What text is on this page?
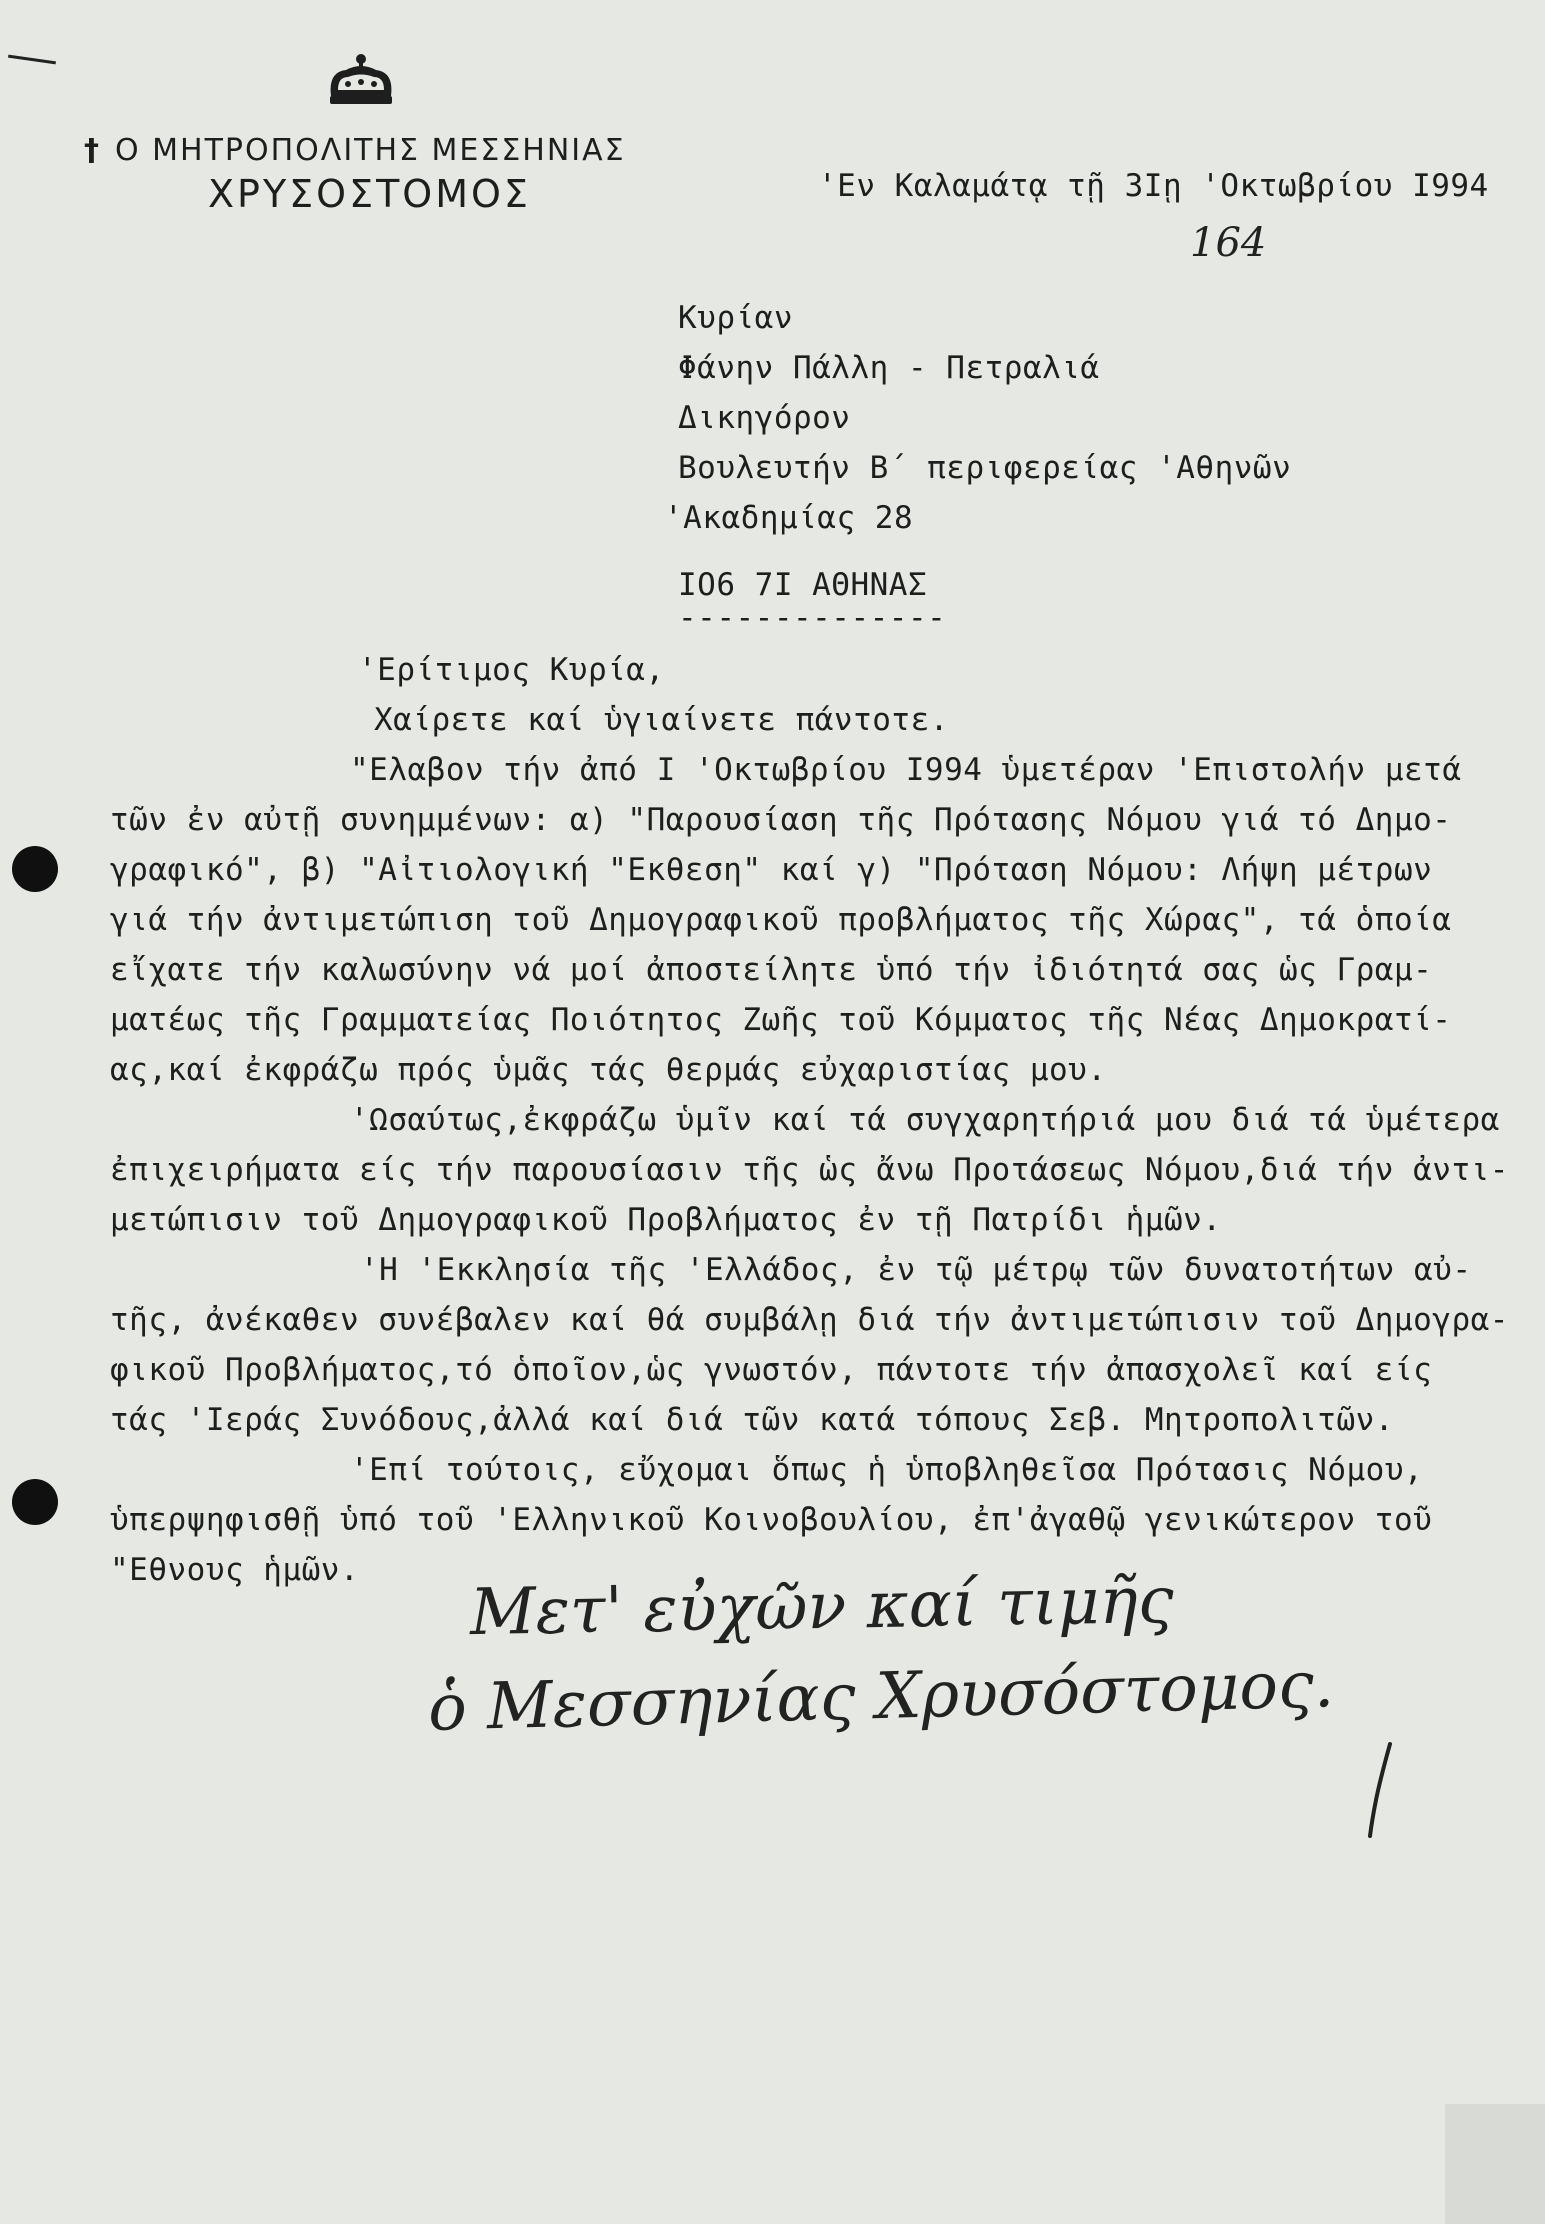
† Ο ΜΗΤΡΟΠΟΛΙΤΗΣ ΜΕΣΣΗΝΙΑΣ
ΧΡΥΣΟΣΤΟΜΟΣ	'Εν Καλαμάτᾳ τῇ 3Ιῃ 'Οκτωβρίου Ι994
164
Κυρίαν
Φάνην Πάλλη - Πετραλιά
Δικηγόρον
Βουλευτήν Β΄ περιφερείας 'Αθηνῶν
'Ακαδημίας 28
ΙΟ6 7Ι ΑΘΗΝΑΣ
--------------
'Ερίτιμος Κυρία,
Χαίρετε καί ὑγιαίνετε πάντοτε.
"Ελαβον τήν ἀπό Ι 'Οκτωβρίου Ι994 ὑμετέραν 'Επιστολήν μετά
τῶν ἐν αὐτῇ συνημμένων: α) "Παρουσίαση τῆς Πρότασης Νόμου γιά τό Δημο-
γραφικό", β) "Αἰτιολογική "Εκθεση" καί γ) "Πρόταση Νόμου: Λήψη μέτρων
γιά τήν ἀντιμετώπιση τοῦ Δημογραφικοῦ προβλήματος τῆς Χώρας", τά ὁποία
εἴχατε τήν καλωσύνην νά μοί ἀποστείλητε ὑπό τήν ἰδιότητά σας ὡς Γραμ-
ματέως τῆς Γραμματείας Ποιότητος Ζωῆς τοῦ Κόμματος τῆς Νέας Δημοκρατί-
ας,καί ἐκφράζω πρός ὑμᾶς τάς θερμάς εὐχαριστίας μου.
'Ωσαύτως,ἐκφράζω ὑμῖν καί τά συγχαρητήριά μου διά τά ὑμέτερα
ἐπιχειρήματα είς τήν παρουσίασιν τῆς ὡς ἄνω Προτάσεως Νόμου,διά τήν ἀντι-
μετώπισιν τοῦ Δημογραφικοῦ Προβλήματος ἐν τῇ Πατρίδι ἡμῶν.
'Η 'Εκκλησία τῆς 'Ελλάδος, ἐν τῷ μέτρῳ τῶν δυνατοτήτων αὐ-
τῆς, ἀνέκαθεν συνέβαλεν καί θά συμβάλῃ διά τήν ἀντιμετώπισιν τοῦ Δημογρα-
φικοῦ Προβλήματος,τό ὁποῖον,ὡς γνωστόν, πάντοτε τήν ἀπασχολεῖ καί είς
τάς 'Ιεράς Συνόδους,ἀλλά καί διά τῶν κατά τόπους Σεβ. Μητροπολιτῶν.
'Επί τούτοις, εὔχομαι ὅπως ἡ ὑποβληθεῖσα Πρότασις Νόμου,
ὑπερψηφισθῇ ὑπό τοῦ 'Ελληνικοῦ Κοινοβουλίου, ἐπ'ἀγαθῷ γενικώτερον τοῦ
"Εθνους ἡμῶν. Μετ' εὐχῶν καί τιμῆς
ὁ Μεσσηνίας Χρυσόστομος.
